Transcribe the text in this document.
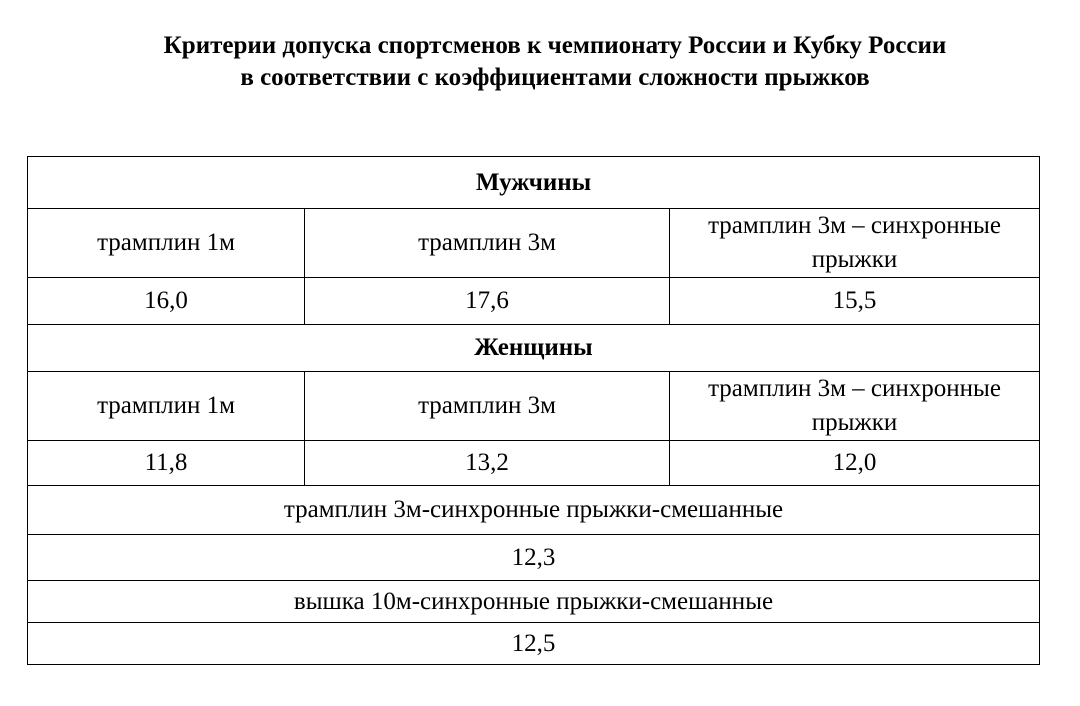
Критерии допуска спортсменов к чемпионату России и Кубку России
в соответствии с коэффициентами сложности прыжков
Мужчины		
трамплин 1м	трамплин 3м	трамплин 3м – синхронные прыжки
16,0	17,6	15,5
Женщины		
трамплин 1м	трамплин 3м	трамплин 3м – синхронные прыжки
11,8	13,2	12,0
трамплин 3м-синхронные прыжки-смешанные		
12,3		
вышка 10м-синхронные прыжки-смешанные		
12,5		
